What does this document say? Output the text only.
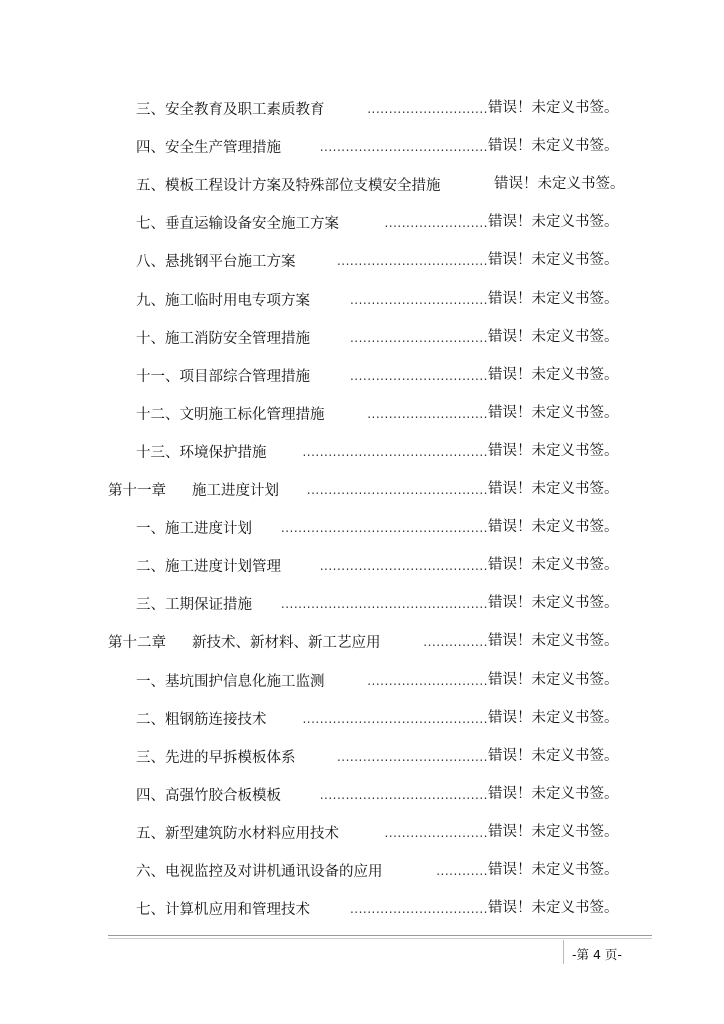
三、安全教育及职工素质教育	............................ 错误！未定义书签。
四、安全生产管理措施	....................................... 错误！未定义书签。
五、模板工程设计方案及特殊部位支模安全措施	错误！未定义书签。
七、垂直运输设备安全施工方案	........................ 错误！未定义书签。
八、悬挑钢平台施工方案	................................... 错误！未定义书签。
九、施工临时用电专项方案	................................ 错误！未定义书签。
十、施工消防安全管理措施	................................ 错误！未定义书签。
十一、项目部综合管理措施	................................ 错误！未定义书签。
十二、文明施工标化管理措施	............................ 错误！未定义书签。
十三、环境保护措施	........................................... 错误！未定义书签。
第十一章	施工进度计划	.......................................... 错误！未定义书签。
一、施工进度计划	................................................ 错误！未定义书签。
二、施工进度计划管理	....................................... 错误！未定义书签。
三、工期保证措施	................................................ 错误！未定义书签。
第十二章	新技术、新材料、新工艺应用	............... 错误！未定义书签。
一、基坑围护信息化施工监测	............................ 错误！未定义书签。
二、粗钢筋连接技术	........................................... 错误！未定义书签。
三、先进的早拆模板体系	................................... 错误！未定义书签。
四、高强竹胶合板模板	....................................... 错误！未定义书签。
五、新型建筑防水材料应用技术	........................ 错误！未定义书签。
六、电视监控及对讲机通讯设备的应用	............ 错误！未定义书签。
七、计算机应用和管理技术	................................ 错误！未定义书签。
-第 4 页-
